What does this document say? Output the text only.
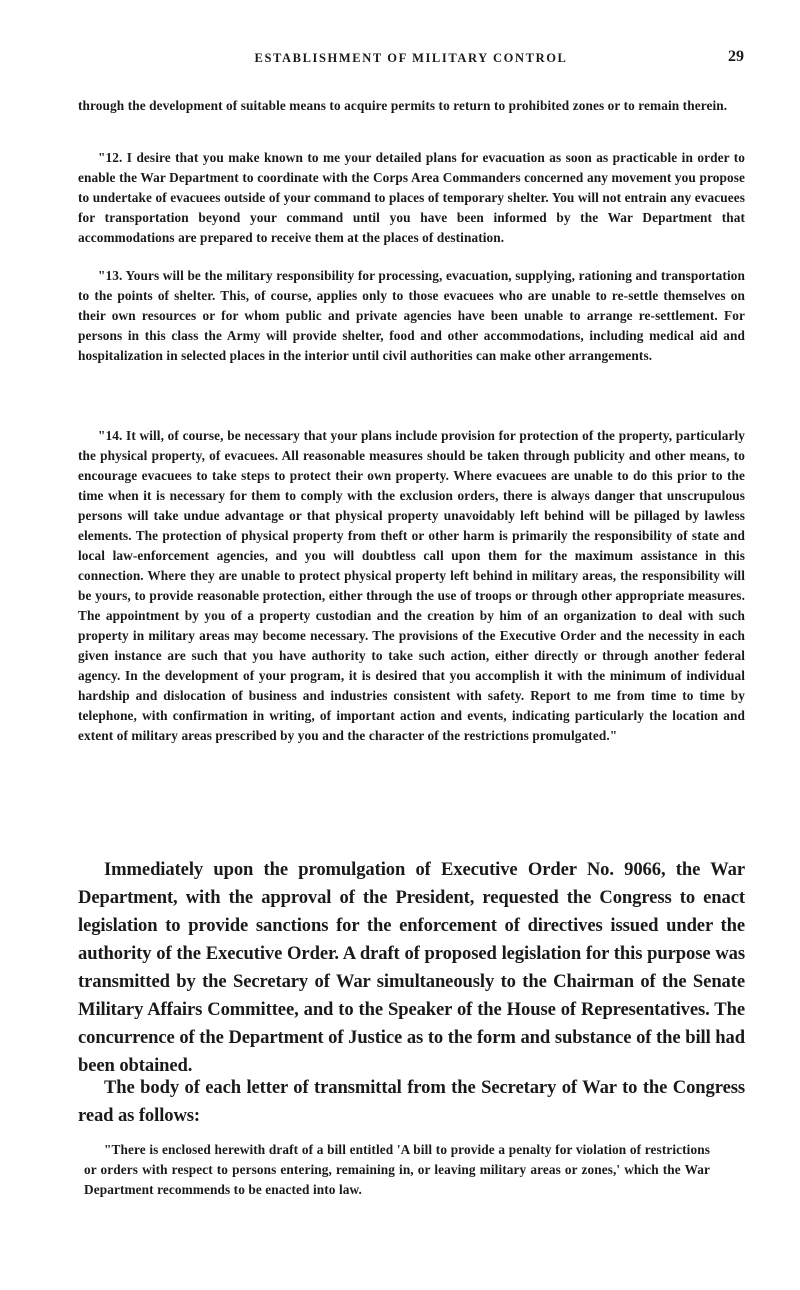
ESTABLISHMENT OF MILITARY CONTROL	29

through the development of suitable means to acquire permits to return to prohibited zones or to remain therein.

"12. I desire that you make known to me your detailed plans for evacuation as soon as practicable in order to enable the War Department to coordinate with the Corps Area Commanders concerned any movement you propose to undertake of evacuees outside of your command to places of temporary shelter. You will not entrain any evacuees for transportation beyond your command until you have been informed by the War Department that accommodations are prepared to receive them at the places of destination.

"13. Yours will be the military responsibility for processing, evacuation, supplying, rationing and transportation to the points of shelter. This, of course, applies only to those evacuees who are unable to re-settle themselves on their own resources or for whom public and private agencies have been unable to arrange re-settlement. For persons in this class the Army will provide shelter, food and other accommodations, including medical aid and hospitalization in selected places in the interior until civil authorities can make other arrangements.

"14. It will, of course, be necessary that your plans include provision for protection of the property, particularly the physical property, of evacuees. All reasonable measures should be taken through publicity and other means, to encourage evacuees to take steps to protect their own property. Where evacuees are unable to do this prior to the time when it is necessary for them to comply with the exclusion orders, there is always danger that unscrupulous persons will take undue advantage or that physical property unavoidably left behind will be pillaged by lawless elements. The protection of physical property from theft or other harm is primarily the responsibility of state and local law-enforcement agencies, and you will doubtless call upon them for the maximum assistance in this connection. Where they are unable to protect physical property left behind in military areas, the responsibility will be yours, to provide reasonable protection, either through the use of troops or through other appropriate measures. The appointment by you of a property custodian and the creation by him of an organization to deal with such property in military areas may become necessary. The provisions of the Executive Order and the necessity in each given instance are such that you have authority to take such action, either directly or through another federal agency. In the development of your program, it is desired that you accomplish it with the minimum of individual hardship and dislocation of business and industries consistent with safety. Report to me from time to time by telephone, with confirmation in writing, of important action and events, indicating particularly the location and extent of military areas prescribed by you and the character of the restrictions promulgated."

Immediately upon the promulgation of Executive Order No. 9066, the War Department, with the approval of the President, requested the Congress to enact legislation to provide sanctions for the enforcement of directives issued under the authority of the Executive Order. A draft of proposed legislation for this purpose was transmitted by the Secretary of War simultaneously to the Chairman of the Senate Military Affairs Committee, and to the Speaker of the House of Representatives. The concurrence of the Department of Justice as to the form and substance of the bill had been obtained.

The body of each letter of transmittal from the Secretary of War to the Congress read as follows:

"There is enclosed herewith draft of a bill entitled 'A bill to provide a penalty for violation of restrictions or orders with respect to persons entering, remaining in, or leaving military areas or zones,' which the War Department recommends to be enacted into law.
